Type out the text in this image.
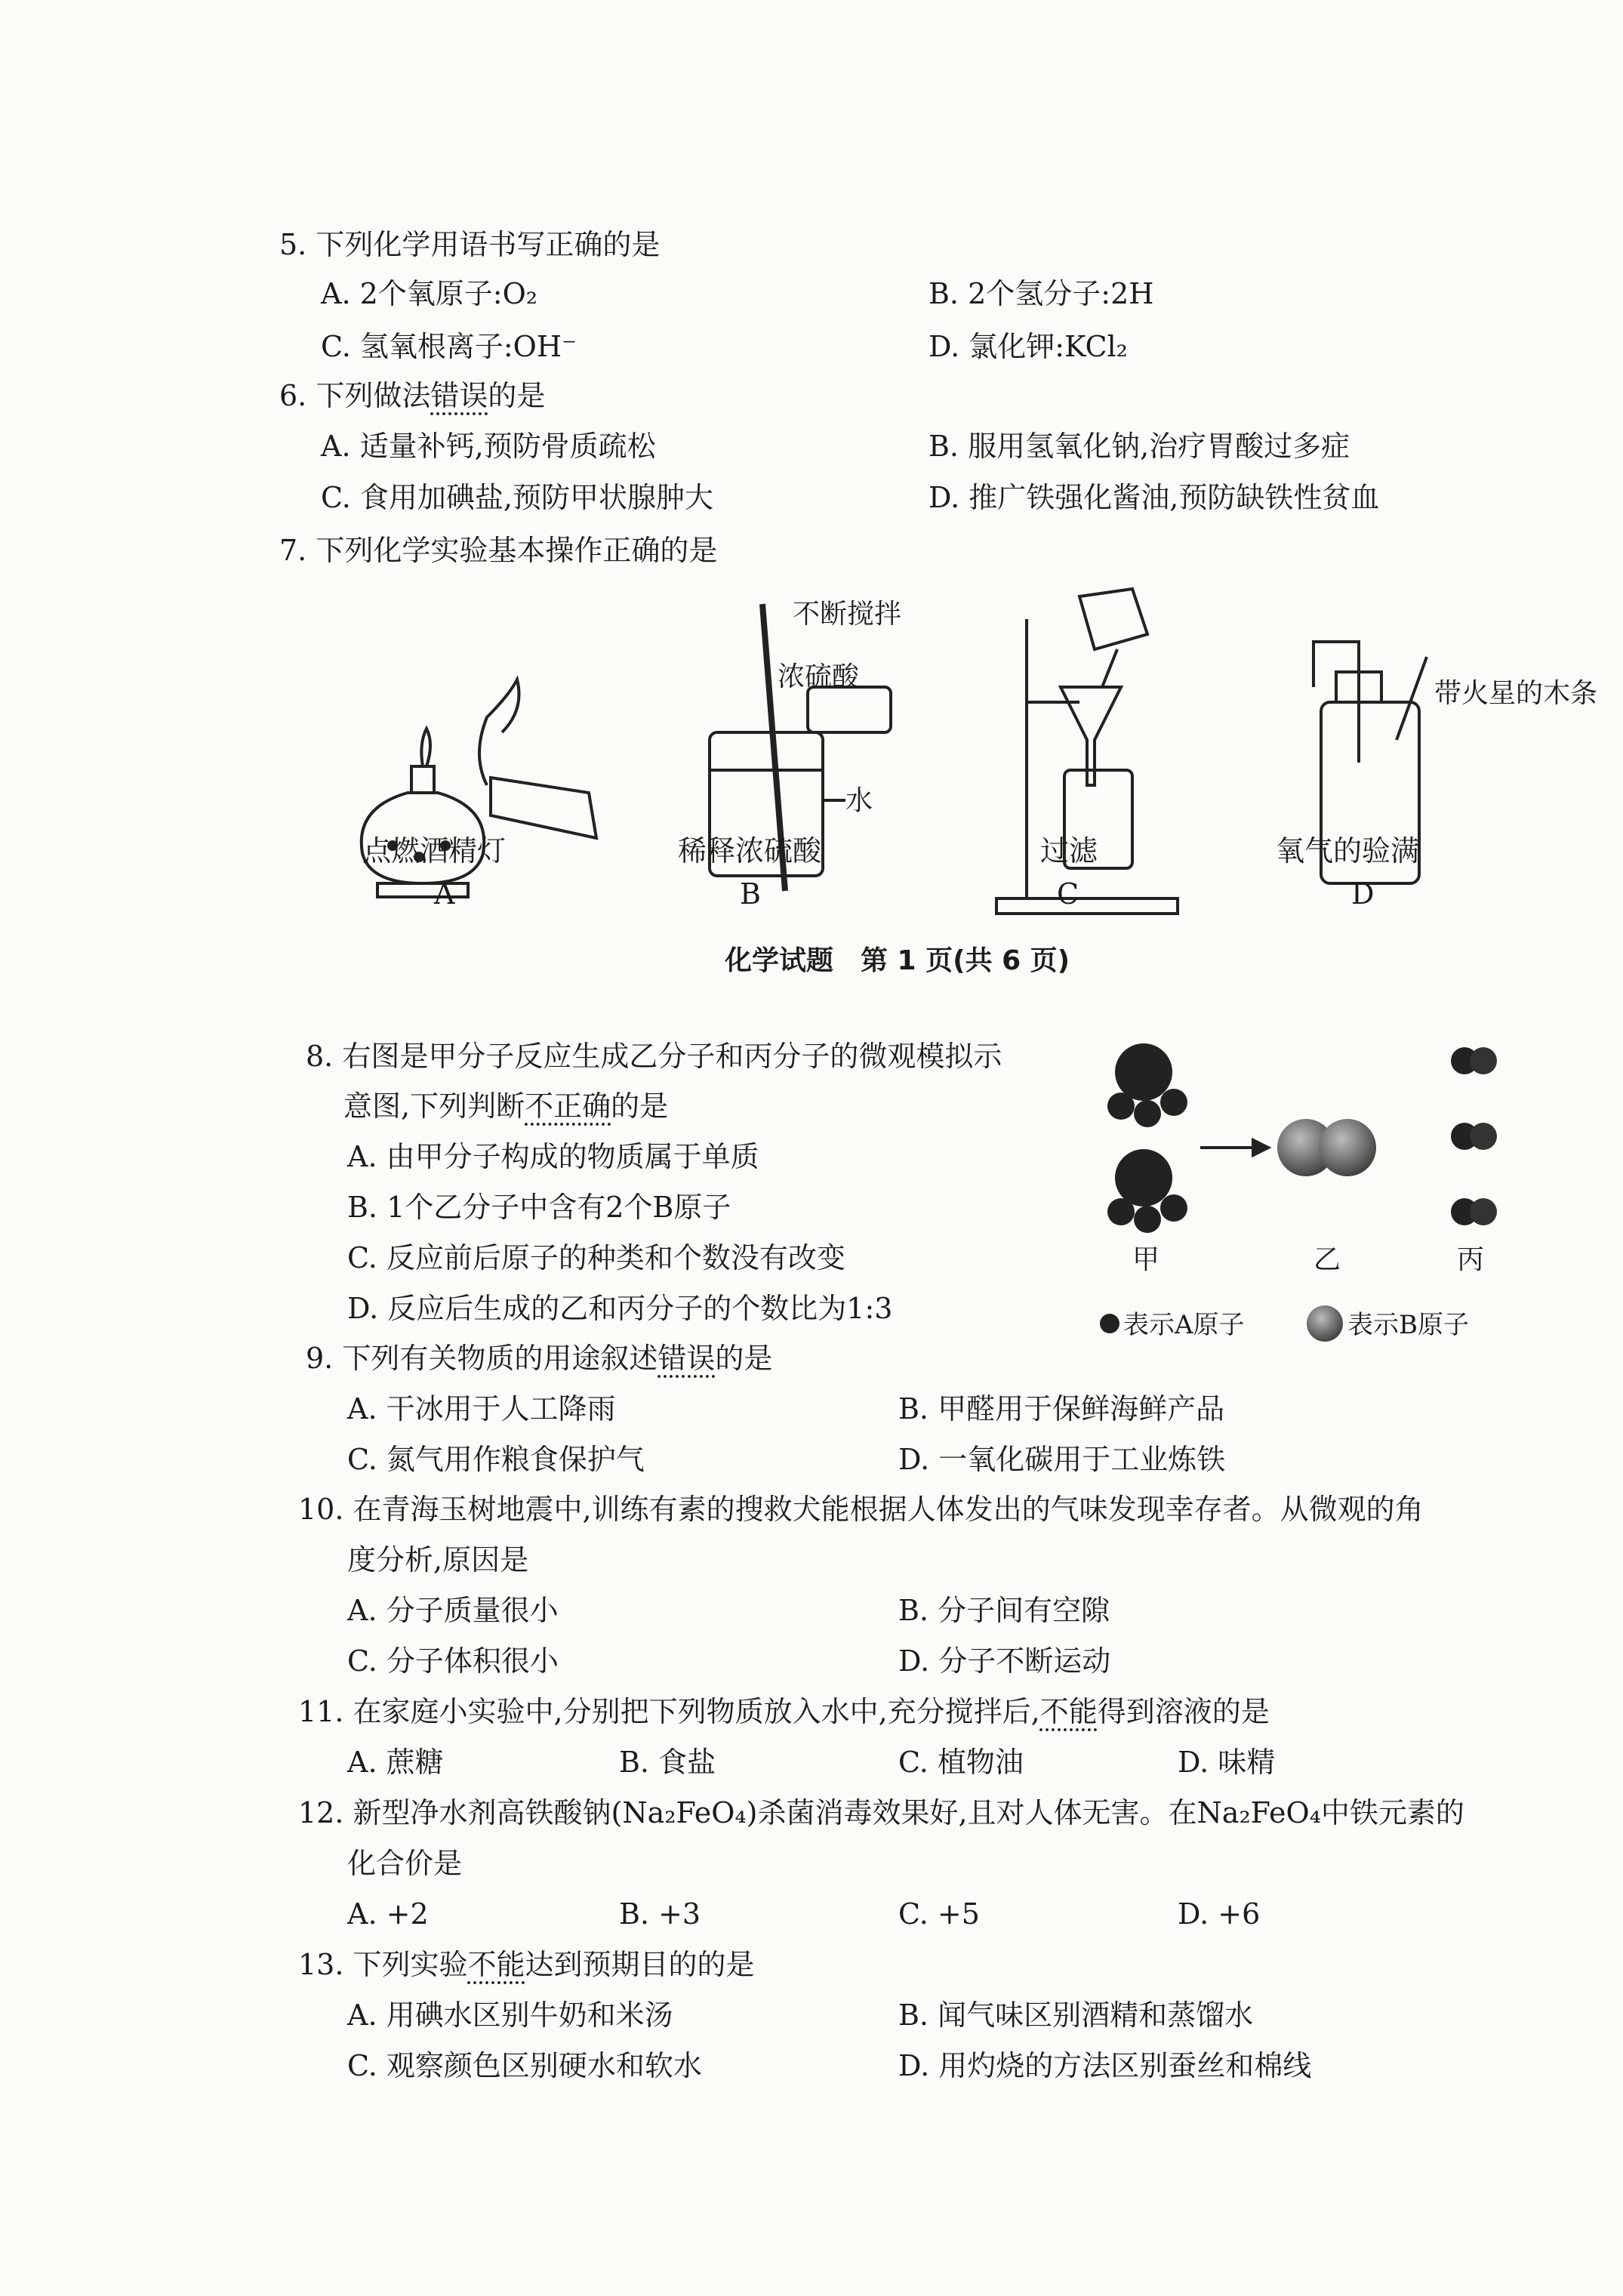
5. 下列化学用语书写正确的是
A. 2个氧原子:O₂	B. 2个氢分子:2H
C. 氢氧根离子:OH⁻	D. 氯化钾:KCl₂
6. 下列做法错误的是
A. 适量补钙,预防骨质疏松	B. 服用氢氧化钠,治疗胃酸过多症
C. 食用加碘盐,预防甲状腺肿大	D. 推广铁强化酱油,预防缺铁性贫血
7. 下列化学实验基本操作正确的是
不断搅拌
浓硫酸
水
带火星的木条
点燃酒精灯
A
稀释浓硫酸
B
过滤
C
氧气的验满
D
化学试题　第 1 页(共 6 页)
8. 右图是甲分子反应生成乙分子和丙分子的微观模拟示
意图,下列判断不正确的是
A. 由甲分子构成的物质属于单质
B. 1个乙分子中含有2个B原子
C. 反应前后原子的种类和个数没有改变
D. 反应后生成的乙和丙分子的个数比为1:3
甲	乙	丙
表示A原子	表示B原子
9. 下列有关物质的用途叙述错误的是
A. 干冰用于人工降雨	B. 甲醛用于保鲜海鲜产品
C. 氮气用作粮食保护气	D. 一氧化碳用于工业炼铁
10. 在青海玉树地震中,训练有素的搜救犬能根据人体发出的气味发现幸存者。从微观的角
度分析,原因是
A. 分子质量很小	B. 分子间有空隙
C. 分子体积很小	D. 分子不断运动
11. 在家庭小实验中,分别把下列物质放入水中,充分搅拌后,不能得到溶液的是
A. 蔗糖	B. 食盐	C. 植物油	D. 味精
12. 新型净水剂高铁酸钠(Na₂FeO₄)杀菌消毒效果好,且对人体无害。在Na₂FeO₄中铁元素的
化合价是
A. +2	B. +3	C. +5	D. +6
13. 下列实验不能达到预期目的的是
A. 用碘水区别牛奶和米汤	B. 闻气味区别酒精和蒸馏水
C. 观察颜色区别硬水和软水	D. 用灼烧的方法区别蚕丝和棉线
